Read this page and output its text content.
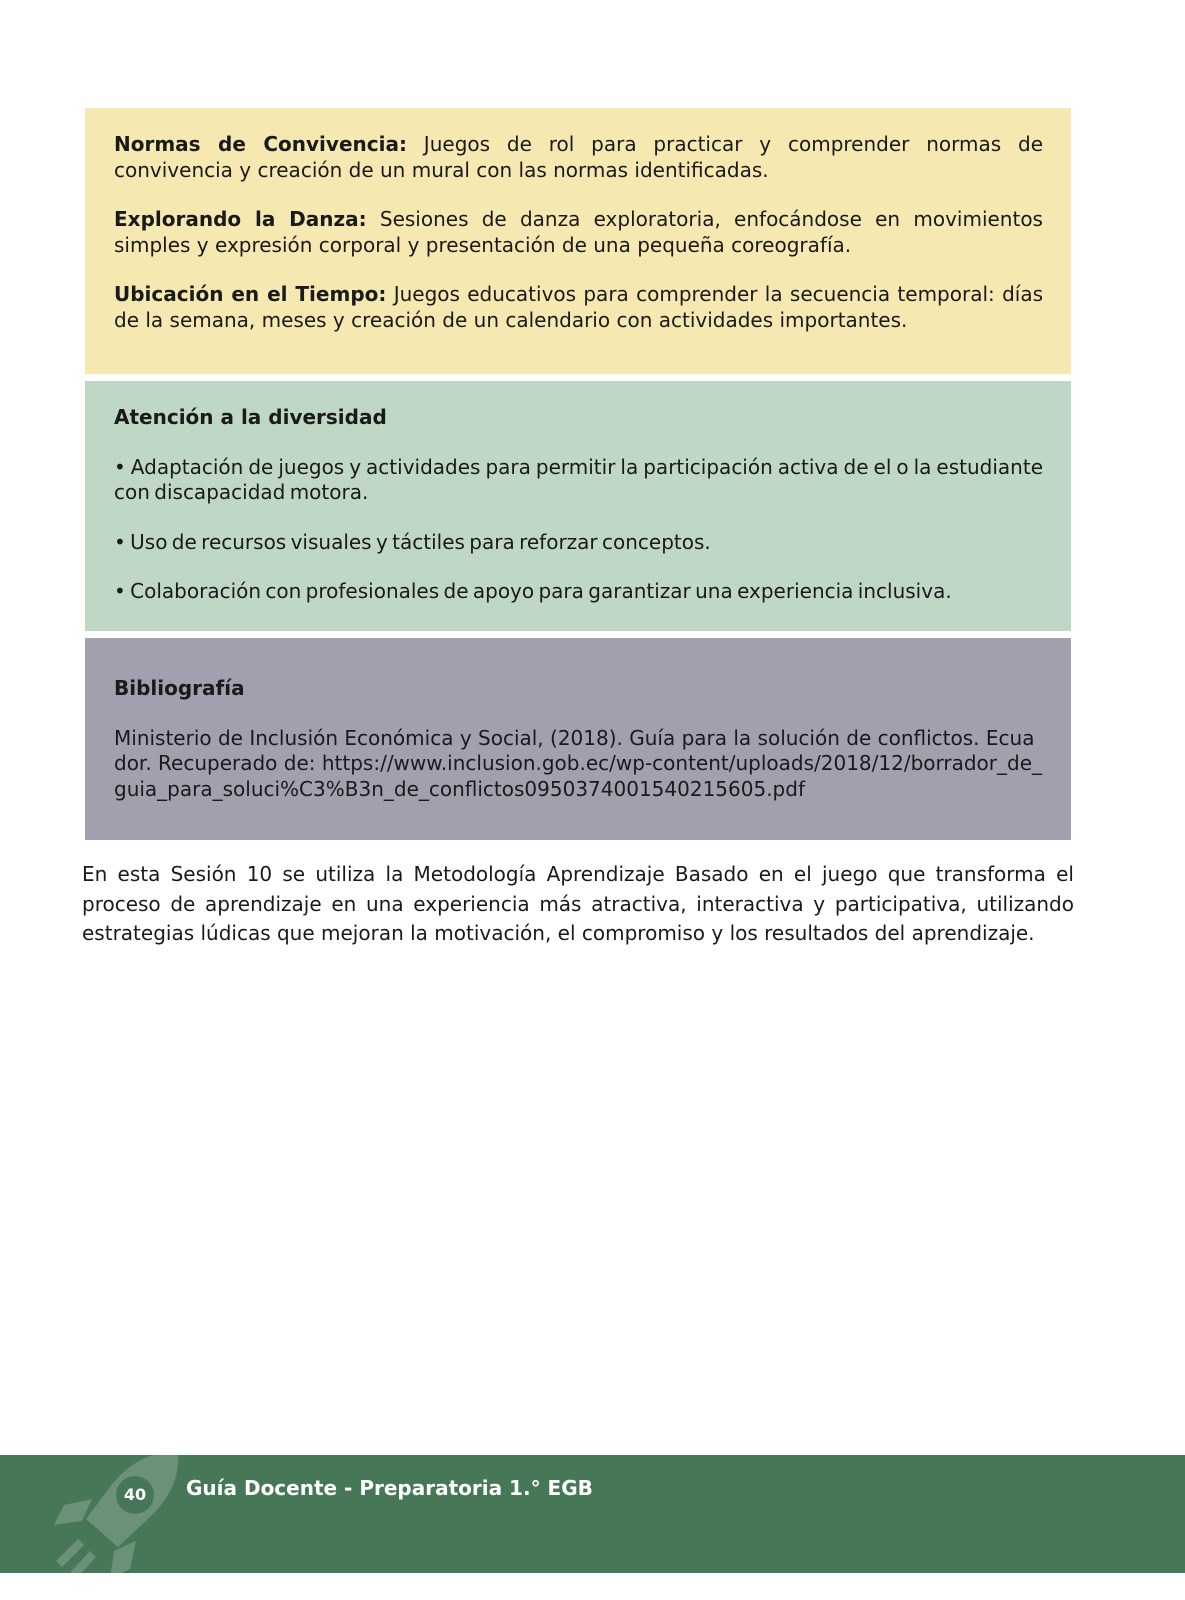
Normas de Convivencia: Juegos de rol para practicar y comprender normas de convivencia y creación de un mural con las normas identificadas.

Explorando la Danza: Sesiones de danza exploratoria, enfocándose en movimientos simples y expresión corporal y presentación de una pequeña coreografía.

Ubicación en el Tiempo: Juegos educativos para comprender la secuencia temporal: días de la semana, meses y creación de un calendario con actividades importantes.

Atención a la diversidad

• Adaptación de juegos y actividades para permitir la participación activa de el o la estudiante con discapacidad motora.

• Uso de recursos visuales y táctiles para reforzar conceptos.

• Colaboración con profesionales de apoyo para garantizar una experiencia inclusiva.

Bibliografía

Ministerio de Inclusión Económica y Social, (2018). Guía para la solución de conflictos. Ecuador. Recuperado de: https://www.inclusion.gob.ec/wp-content/uploads/2018/12/borrador_de_guia_para_soluci%C3%B3n_de_conflictos0950374001540215605.pdf

En esta Sesión 10 se utiliza la Metodología Aprendizaje Basado en el juego que transforma el proceso de aprendizaje en una experiencia más atractiva, interactiva y participativa, utilizando estrategias lúdicas que mejoran la motivación, el compromiso y los resultados del aprendizaje.

40	Guía Docente - Preparatoria 1.° EGB
